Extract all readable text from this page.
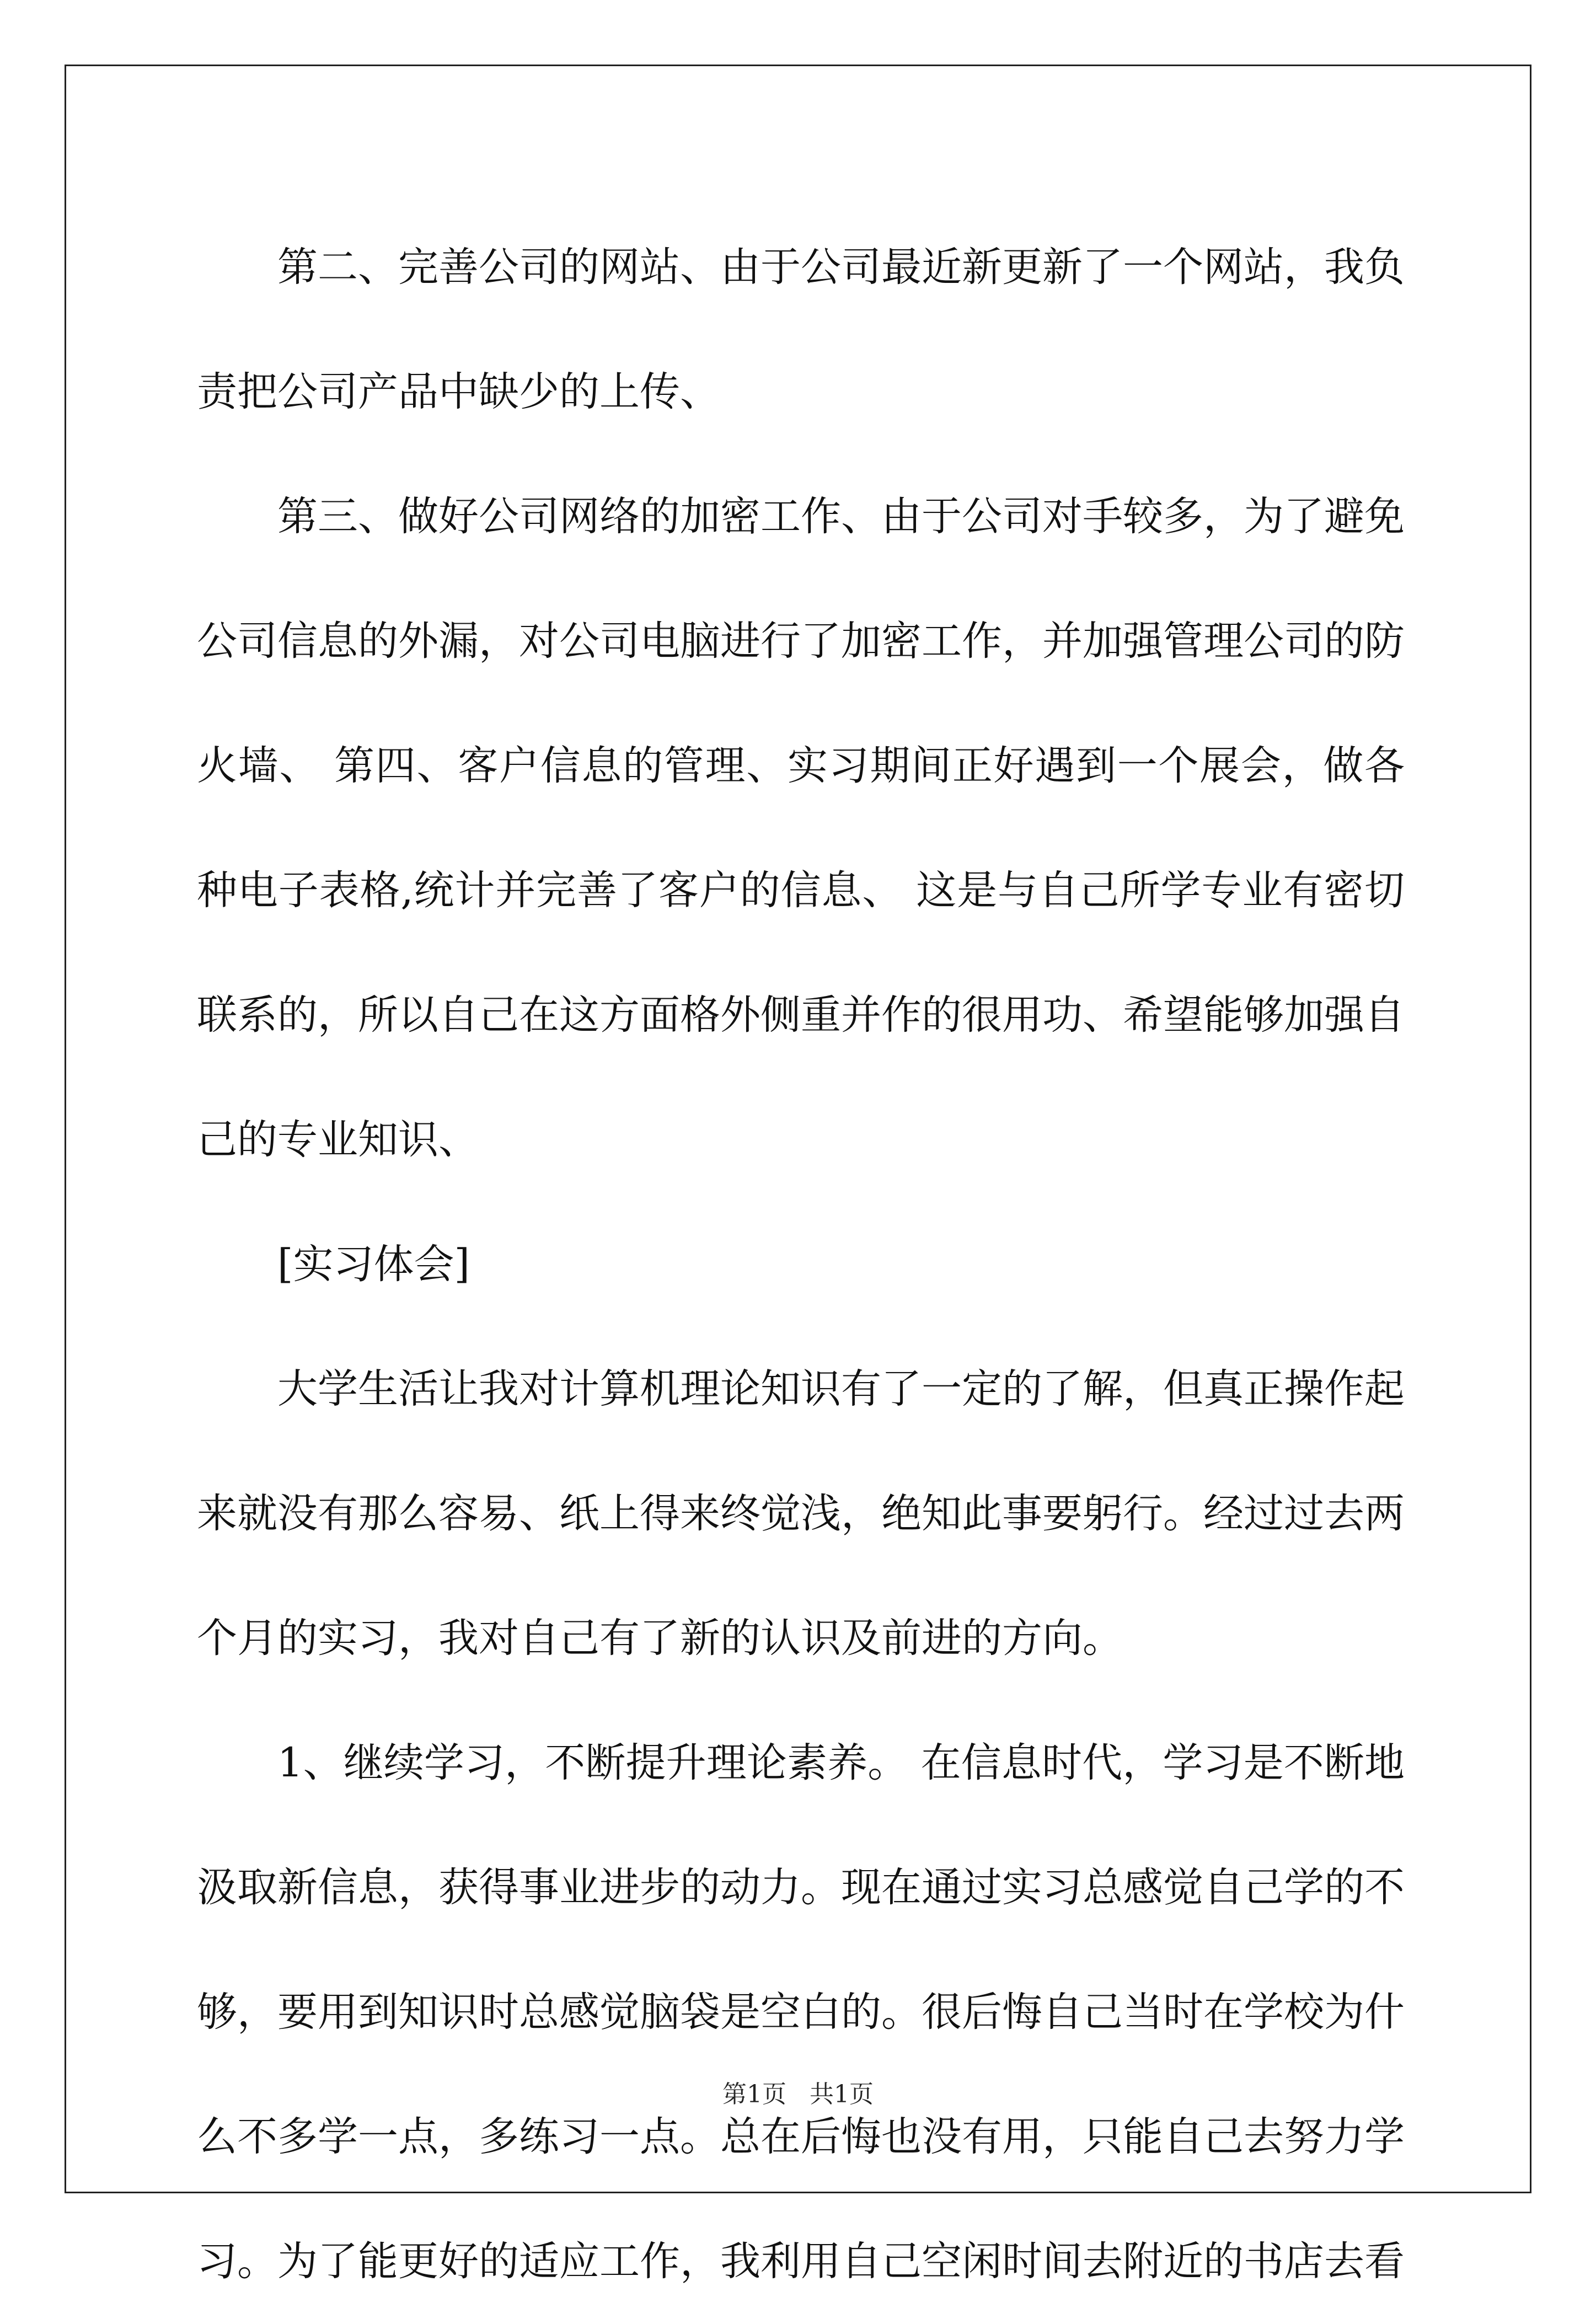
第二、完善公司的网站、由于公司最近新更新了一个网站，我负责把公司产品中缺少的上传、

第三、做好公司网络的加密工作、由于公司对手较多，为了避免公司信息的外漏，对公司电脑进行了加密工作，并加强管理公司的防火墙、 第四、客户信息的管理、实习期间正好遇到一个展会，做各种电子表格,统计并完善了客户的信息、 这是与自己所学专业有密切联系的，所以自己在这方面格外侧重并作的很用功、希望能够加强自己的专业知识、

[实习体会]

大学生活让我对计算机理论知识有了一定的了解，但真正操作起来就没有那么容易、纸上得来终觉浅，绝知此事要躬行。经过过去两个月的实习，我对自己有了新的认识及前进的方向。

1、继续学习，不断提升理论素养。 在信息时代，学习是不断地汲取新信息，获得事业进步的动力。现在通过实习总感觉自己学的不够，要用到知识时总感觉脑袋是空白的。很后悔自己当时在学校为什么不多学一点，多练习一点。总在后悔也没有用，只能自己去努力学习。为了能更好的适应工作，我利用自己空闲时间去附近的书店去看

第1页   共1页
